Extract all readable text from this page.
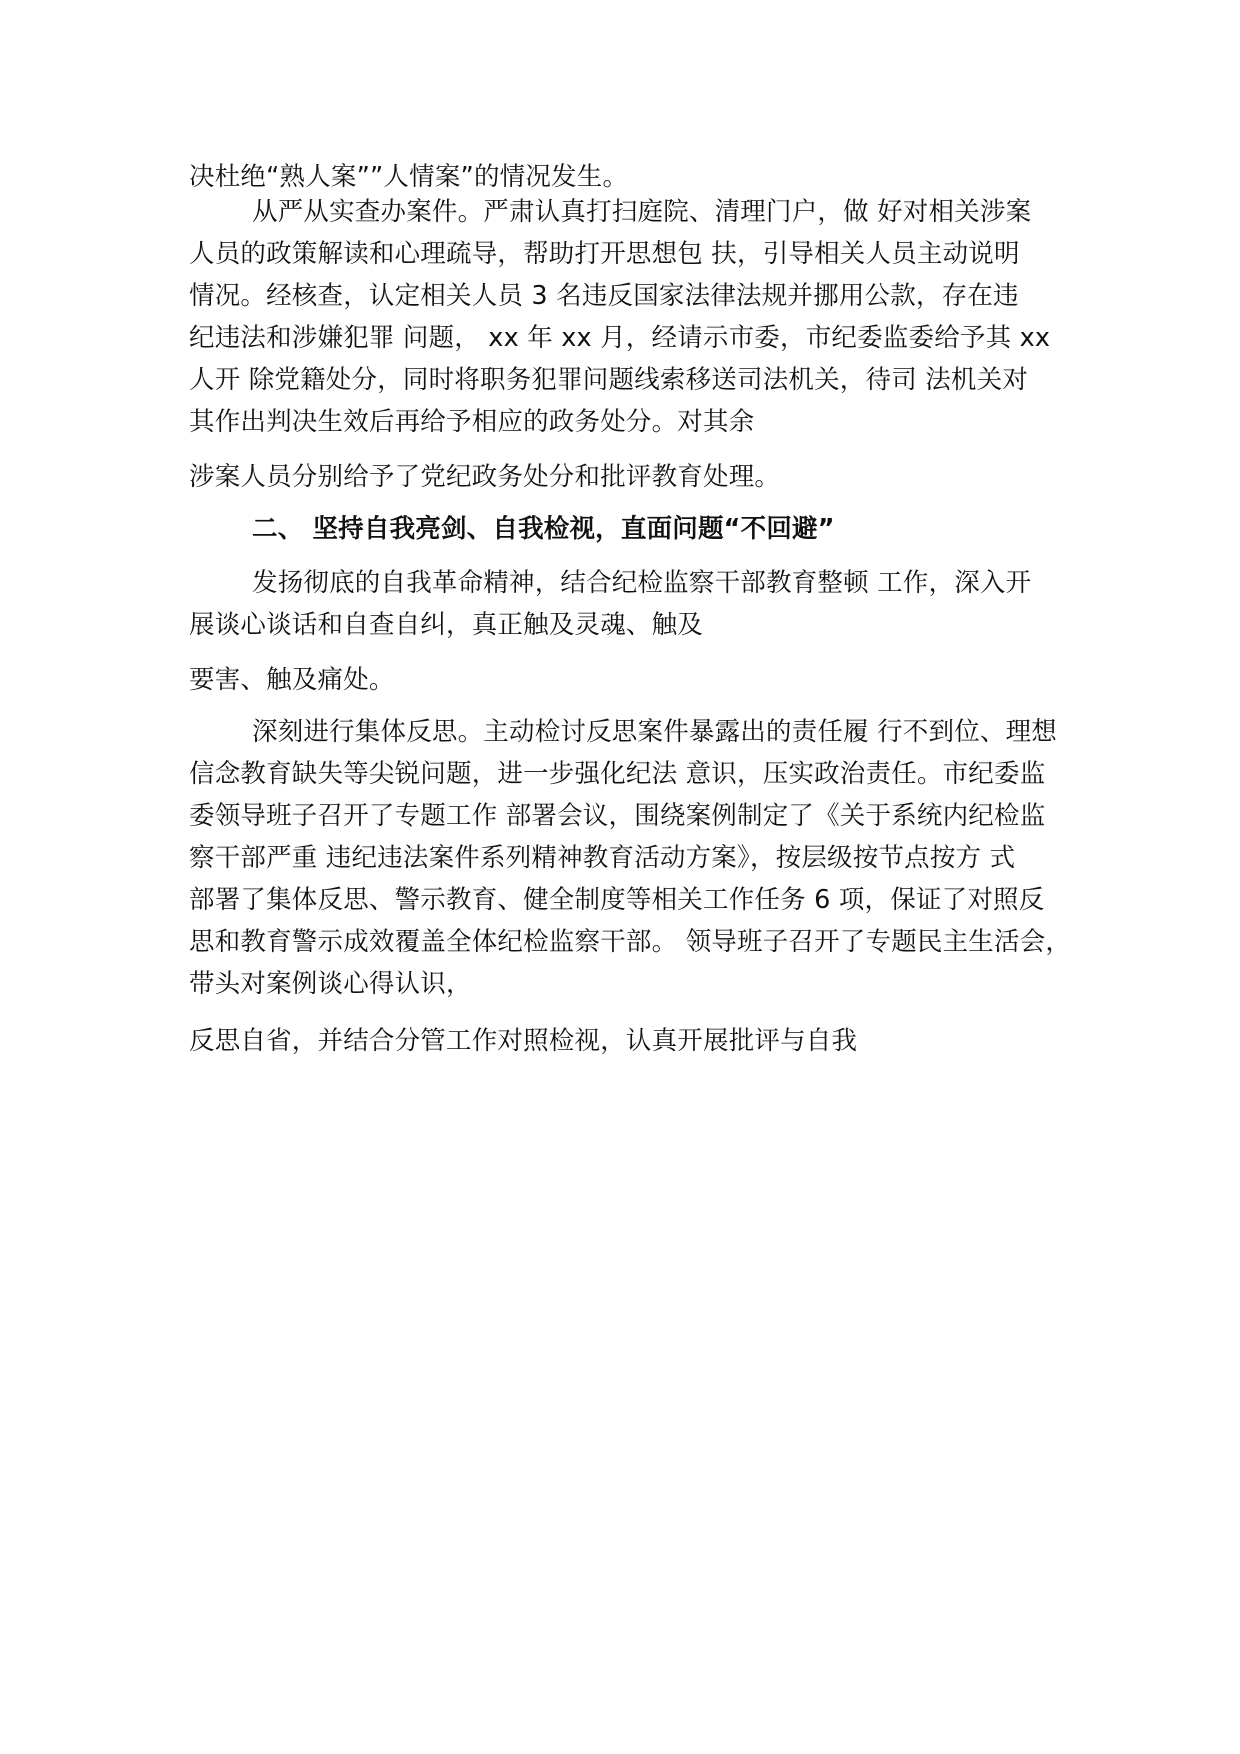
决杜绝“熟人案””人情案”的情况发生。
从严从实查办案件。严肃认真打扫庭院、清理门户，做 好对相关涉案
人员的政策解读和心理疏导，帮助打开思想包 扶，引导相关人员主动说明
情况。经核查，认定相关人员 3 名违反国家法律法规并挪用公款，存在违
纪违法和涉嫌犯罪 问题， xx 年 xx 月，经请示市委，市纪委监委给予其 xx
人开 除党籍处分，同时将职务犯罪问题线索移送司法机关，待司 法机关对
其作出判决生效后再给予相应的政务处分。对其余
涉案人员分别给予了党纪政务处分和批评教育处理。
二、 坚持自我亮剑、自我检视，直面问题“不回避”
发扬彻底的自我革命精神，结合纪检监察干部教育整顿 工作，深入开
展谈心谈话和自查自纠，真正触及灵魂、触及
要害、触及痛处。
深刻进行集体反思。主动检讨反思案件暴露出的责任履 行不到位、理想
信念教育缺失等尖锐问题，进一步强化纪法 意识，压实政治责任。市纪委监
委领导班子召开了专题工作 部署会议，围绕案例制定了《关于系统内纪检监
察干部严重 违纪违法案件系列精神教育活动方案》，按层级按节点按方 式
部署了集体反思、警示教育、健全制度等相关工作任务 6 项，保证了对照反
思和教育警示成效覆盖全体纪检监察干部。 领导班子召开了专题民主生活会，
带头对案例谈心得认识，
反思自省，并结合分管工作对照检视，认真开展批评与自我
